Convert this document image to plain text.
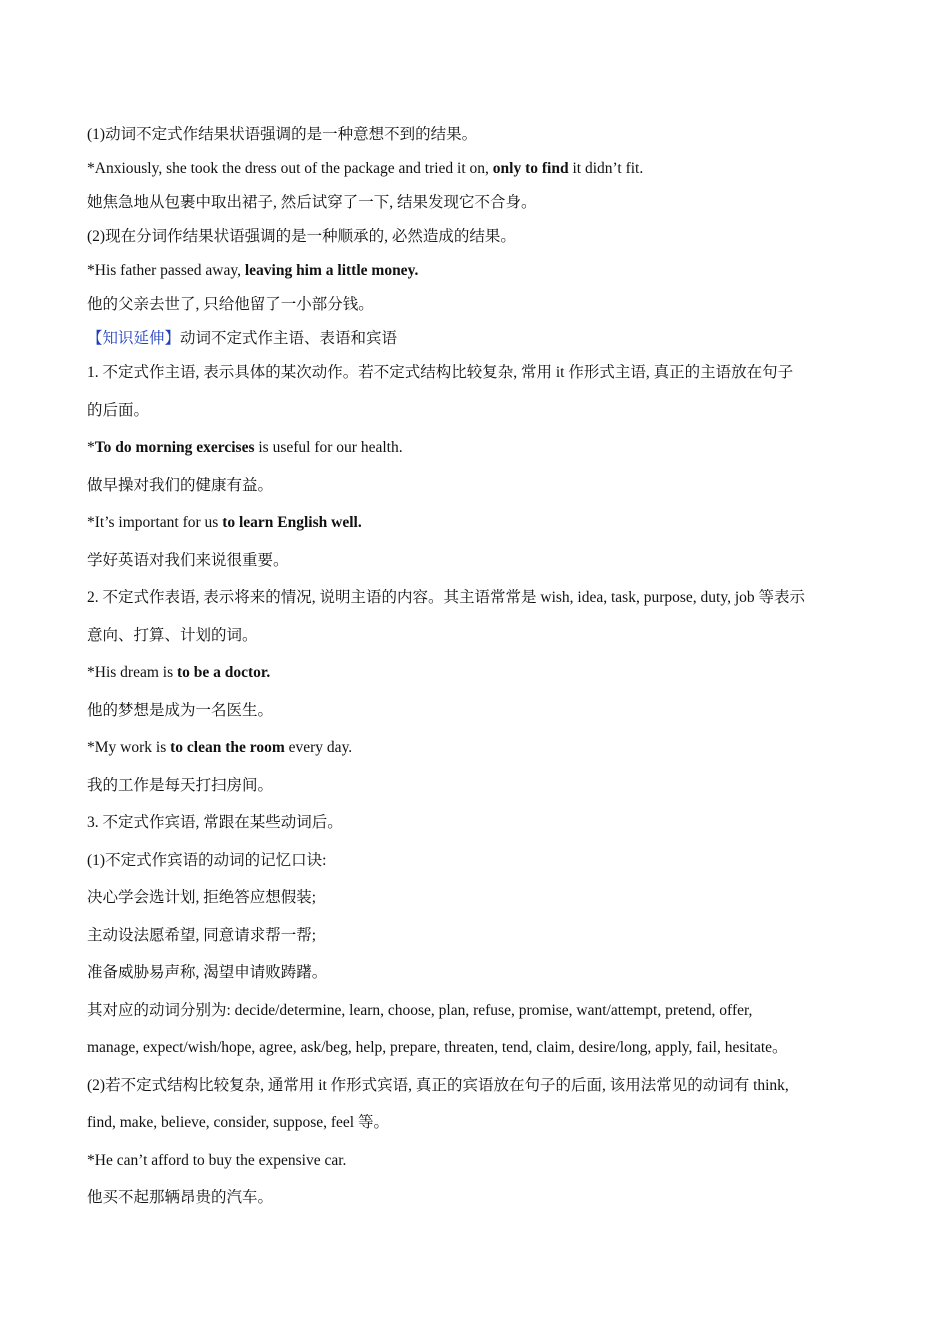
(1)动词不定式作结果状语强调的是一种意想不到的结果。

*Anxiously, she took the dress out of the package and tried it on, only to find it didn’t fit.

她焦急地从包裹中取出裙子, 然后试穿了一下, 结果发现它不合身。

(2)现在分词作结果状语强调的是一种顺承的, 必然造成的结果。

*His father passed away, leaving him a little money.

他的父亲去世了, 只给他留了一小部分钱。

【知识延伸】动词不定式作主语、表语和宾语

1. 不定式作主语, 表示具体的某次动作。若不定式结构比较复杂, 常用 it 作形式主语, 真正的主语放在句子

的后面。

*To do morning exercises is useful for our health.

做早操对我们的健康有益。

*It’s important for us to learn English well.

学好英语对我们来说很重要。

2. 不定式作表语, 表示将来的情况, 说明主语的内容。其主语常常是 wish, idea, task, purpose, duty, job 等表示

意向、打算、计划的词。

*His dream is to be a doctor.

他的梦想是成为一名医生。

*My work is to clean the room every day.

我的工作是每天打扫房间。

3. 不定式作宾语, 常跟在某些动词后。

(1)不定式作宾语的动词的记忆口诀:

决心学会选计划, 拒绝答应想假装;

主动设法愿希望, 同意请求帮一帮;

准备威胁易声称, 渴望申请败踌躇。

其对应的动词分别为: decide/determine, learn, choose, plan, refuse, promise, want/attempt, pretend, offer,

manage, expect/wish/hope, agree, ask/beg, help, prepare, threaten, tend, claim, desire/long, apply, fail, hesitate。

(2)若不定式结构比较复杂, 通常用 it 作形式宾语, 真正的宾语放在句子的后面, 该用法常见的动词有 think,

find, make, believe, consider, suppose, feel 等。

*He can’t afford to buy the expensive car.

他买不起那辆昂贵的汽车。
